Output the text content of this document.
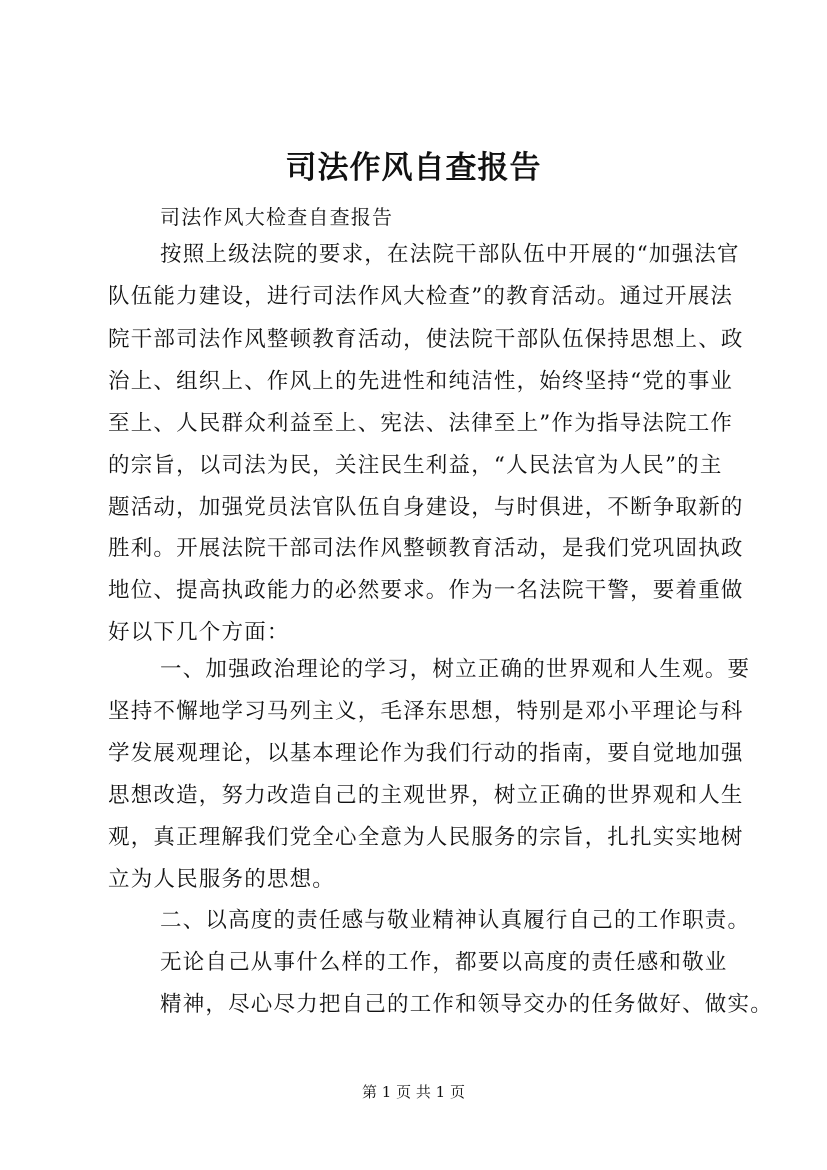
司法作风自查报告
司法作风大检查自查报告
按照上级法院的要求，在法院干部队伍中开展的“加强法官
队伍能力建设，进行司法作风大检查”的教育活动。通过开展法
院干部司法作风整顿教育活动，使法院干部队伍保持思想上、政
治上、组织上、作风上的先进性和纯洁性，始终坚持“党的事业
至上、人民群众利益至上、宪法、法律至上”作为指导法院工作
的宗旨，以司法为民，关注民生利益，“人民法官为人民”的主
题活动，加强党员法官队伍自身建设，与时俱进，不断争取新的
胜利。开展法院干部司法作风整顿教育活动，是我们党巩固执政
地位、提高执政能力的必然要求。作为一名法院干警，要着重做
好以下几个方面：
一、加强政治理论的学习，树立正确的世界观和人生观。要
坚持不懈地学习马列主义，毛泽东思想，特别是邓小平理论与科
学发展观理论，以基本理论作为我们行动的指南，要自觉地加强
思想改造，努力改造自己的主观世界，树立正确的世界观和人生
观，真正理解我们党全心全意为人民服务的宗旨，扎扎实实地树
立为人民服务的思想。
二、以高度的责任感与敬业精神认真履行自己的工作职责。
无论自己从事什么样的工作，都要以高度的责任感和敬业
精神，尽心尽力把自己的工作和领导交办的任务做好、做实。
第 1 页 共 1 页
